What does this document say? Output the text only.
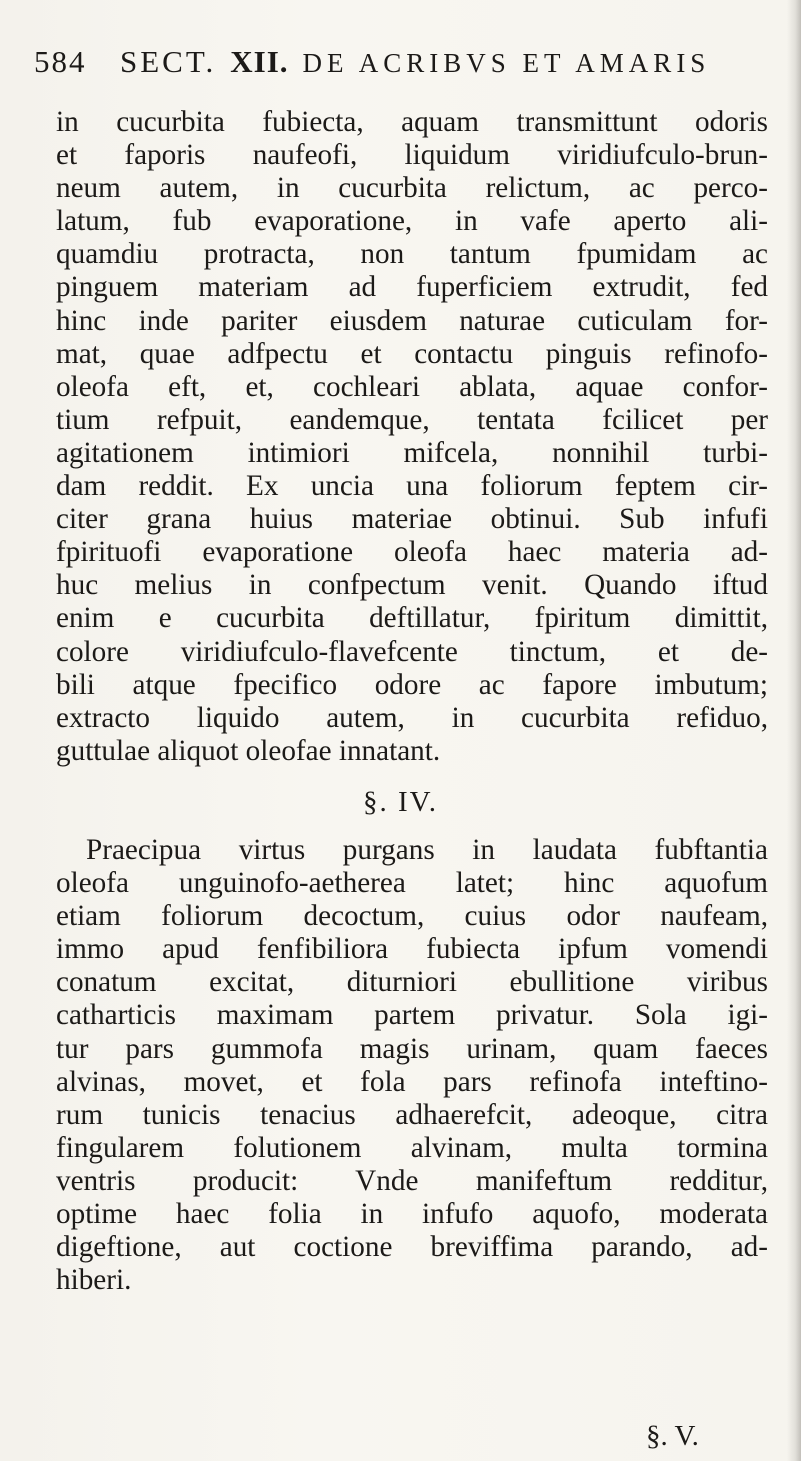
584	SECT. XII. DE ACRIBVS ET AMARIS
in cucurbita fubiecta, aquam transmittunt odoris
et faporis naufeofi, liquidum viridiufculo-brun-
neum autem, in cucurbita relictum, ac perco-
latum, fub evaporatione, in vafe aperto ali-
quamdiu protracta, non tantum fpumidam ac
pinguem materiam ad fuperficiem extrudit, fed
hinc inde pariter eiusdem naturae cuticulam for-
mat, quae adfpectu et contactu pinguis refinofo-
oleofa eft, et, cochleari ablata, aquae confor-
tium refpuit, eandemque, tentata fcilicet per
agitationem intimiori mifcela, nonnihil turbi-
dam reddit. Ex uncia una foliorum feptem cir-
citer grana huius materiae obtinui. Sub infufi
fpirituofi evaporatione oleofa haec materia ad-
huc melius in confpectum venit. Quando iftud
enim e cucurbita deftillatur, fpiritum dimittit,
colore viridiufculo-flavefcente tinctum, et de-
bili atque fpecifico odore ac fapore imbutum;
extracto liquido autem, in cucurbita refiduo,
guttulae aliquot oleofae innatant.
§. IV.
Praecipua virtus purgans in laudata fubftantia
oleofa unguinofo-aetherea latet; hinc aquofum
etiam foliorum decoctum, cuius odor naufeam,
immo apud fenfibiliora fubiecta ipfum vomendi
conatum excitat, diturniori ebullitione viribus
catharticis maximam partem privatur. Sola igi-
tur pars gummofa magis urinam, quam faeces
alvinas, movet, et fola pars refinofa inteftino-
rum tunicis tenacius adhaerefcit, adeoque, citra
fingularem folutionem alvinam, multa tormina
ventris producit: Vnde manifeftum redditur,
optime haec folia in infufo aquofo, moderata
digeftione, aut coctione breviffima parando, ad-
hiberi.
§. V.
